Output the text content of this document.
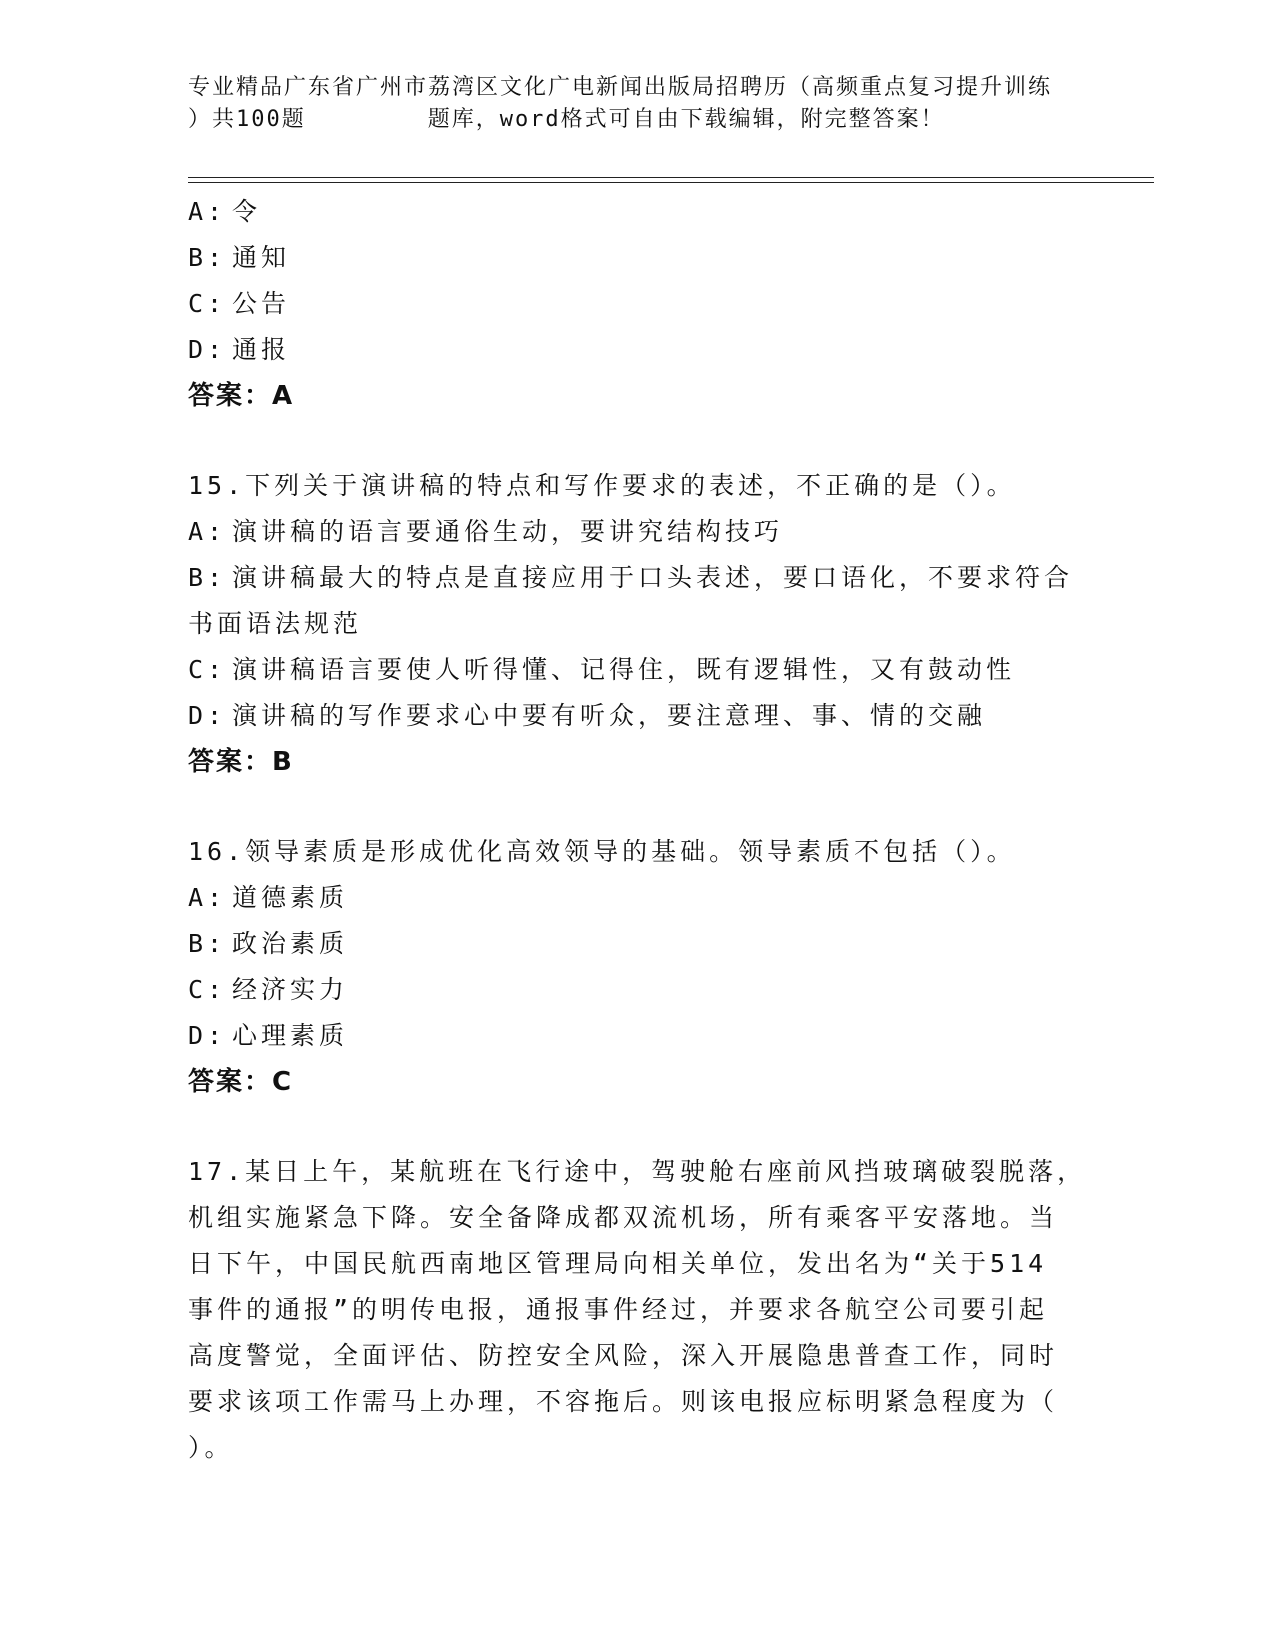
专业精品广东省广州市荔湾区文化广电新闻出版局招聘历（高频重点复习提升训练
）共100题        题库，word格式可自由下载编辑，附完整答案！
A: 令
B: 通知
C: 公告
D: 通报
答案：A
15.下列关于演讲稿的特点和写作要求的表述，不正确的是（）。
A: 演讲稿的语言要通俗生动，要讲究结构技巧
B: 演讲稿最大的特点是直接应用于口头表述，要口语化，不要求符合
书面语法规范
C: 演讲稿语言要使人听得懂、记得住，既有逻辑性，又有鼓动性
D: 演讲稿的写作要求心中要有听众，要注意理、事、情的交融
答案：B
16.领导素质是形成优化高效领导的基础。领导素质不包括（）。
A: 道德素质
B: 政治素质
C: 经济实力
D: 心理素质
答案：C
17.某日上午，某航班在飞行途中，驾驶舱右座前风挡玻璃破裂脱落，
机组实施紧急下降。安全备降成都双流机场，所有乘客平安落地。当
日下午，中国民航西南地区管理局向相关单位，发出名为“关于514
事件的通报”的明传电报，通报事件经过，并要求各航空公司要引起
高度警觉，全面评估、防控安全风险，深入开展隐患普查工作，同时
要求该项工作需马上办理，不容拖后。则该电报应标明紧急程度为（
）。
